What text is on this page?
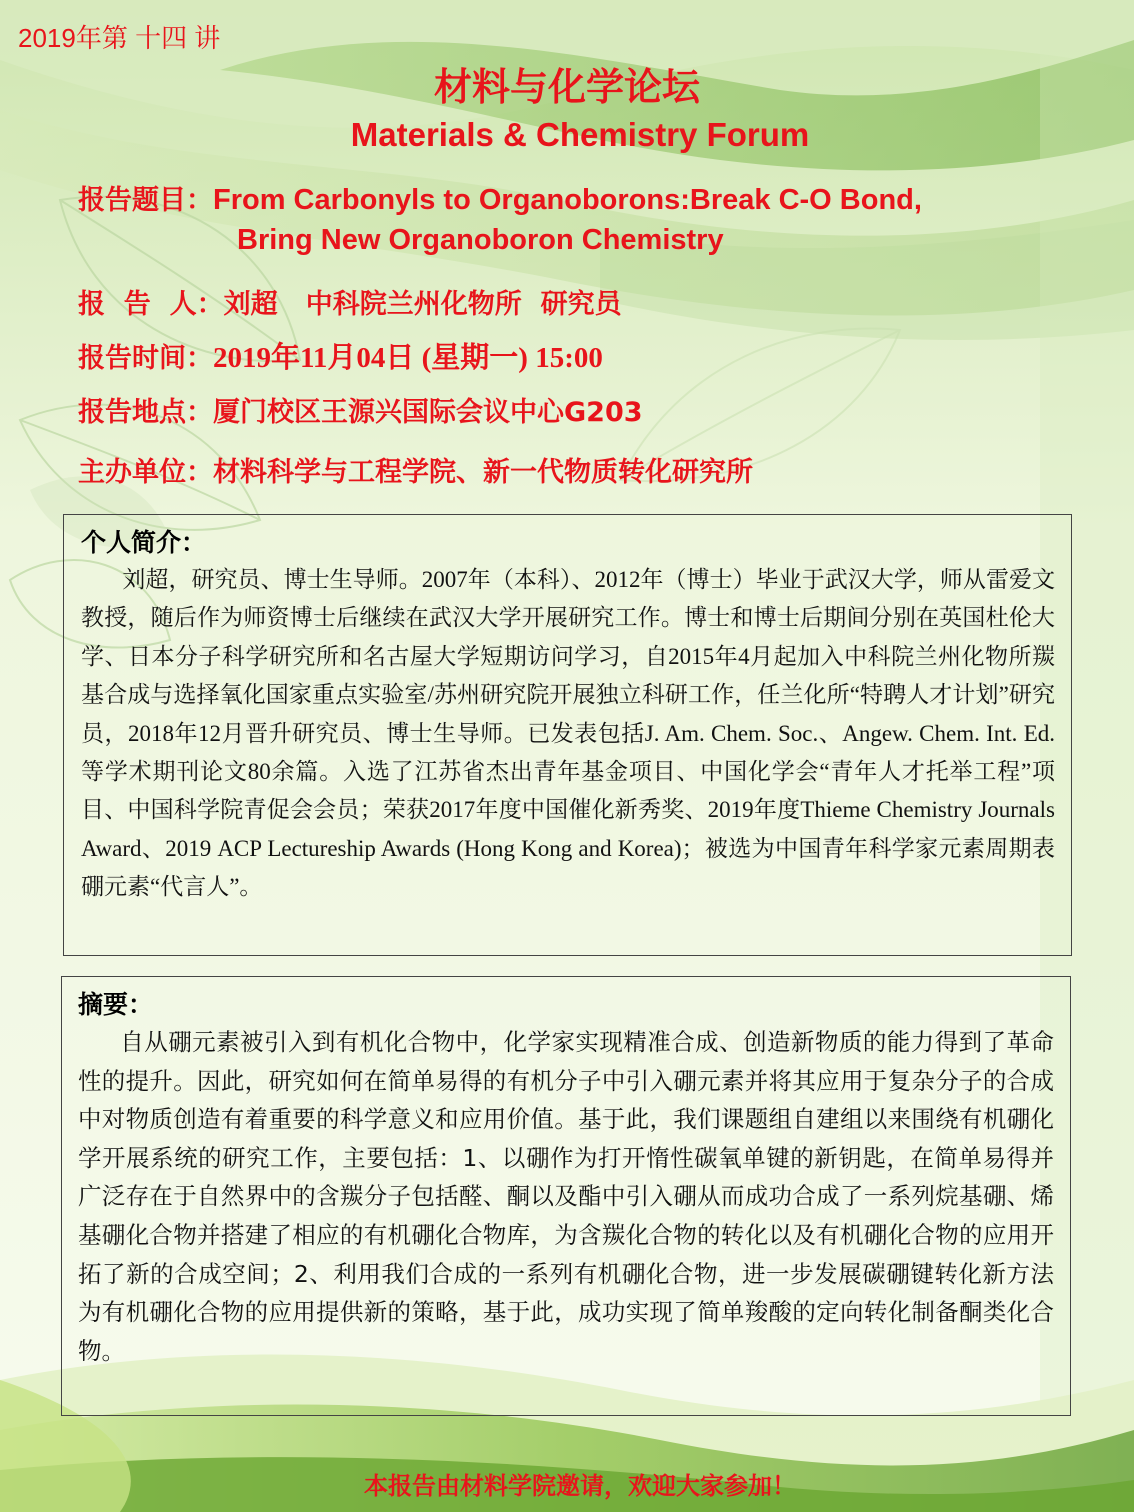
2019年第 十四 讲
材料与化学论坛
Materials & Chemistry Forum
报告题目：From Carbonyls to Organoborons:Break C-O Bond,
Bring New Organoboron Chemistry
报  告  人：刘超   中科院兰州化物所  研究员
报告时间：2019年11月04日 (星期一) 15:00
报告地点：厦门校区王源兴国际会议中心G203
主办单位：材料科学与工程学院、新一代物质转化研究所
个人简介：

刘超，研究员、博士生导师。2007年（本科）、2012年（博士）毕业于武汉大学，师从雷爱文教授，随后作为师资博士后继续在武汉大学开展研究工作。博士和博士后期间分别在英国杜伦大学、日本分子科学研究所和名古屋大学短期访问学习，自2015年4月起加入中科院兰州化物所羰基合成与选择氧化国家重点实验室/苏州研究院开展独立科研工作，任兰化所“特聘人才计划”研究员，2018年12月晋升研究员、博士生导师。已发表包括J. Am. Chem. Soc.、Angew. Chem. Int. Ed.等学术期刊论文80余篇。入选了江苏省杰出青年基金项目、中国化学会“青年人才托举工程”项目、中国科学院青促会会员；荣获2017年度中国催化新秀奖、2019年度Thieme Chemistry Journals Award、2019 ACP Lectureship Awards (Hong Kong and Korea)；被选为中国青年科学家元素周期表硼元素“代言人”。

摘要：

自从硼元素被引入到有机化合物中，化学家实现精准合成、创造新物质的能力得到了革命性的提升。因此，研究如何在简单易得的有机分子中引入硼元素并将其应用于复杂分子的合成中对物质创造有着重要的科学意义和应用价值。基于此，我们课题组自建组以来围绕有机硼化学开展系统的研究工作，主要包括：1、以硼作为打开惰性碳氧单键的新钥匙，在简单易得并广泛存在于自然界中的含羰分子包括醛、酮以及酯中引入硼从而成功合成了一系列烷基硼、烯基硼化合物并搭建了相应的有机硼化合物库，为含羰化合物的转化以及有机硼化合物的应用开拓了新的合成空间；2、利用我们合成的一系列有机硼化合物，进一步发展碳硼键转化新方法为有机硼化合物的应用提供新的策略，基于此，成功实现了简单羧酸的定向转化制备酮类化合物。

本报告由材料学院邀请，欢迎大家参加！
